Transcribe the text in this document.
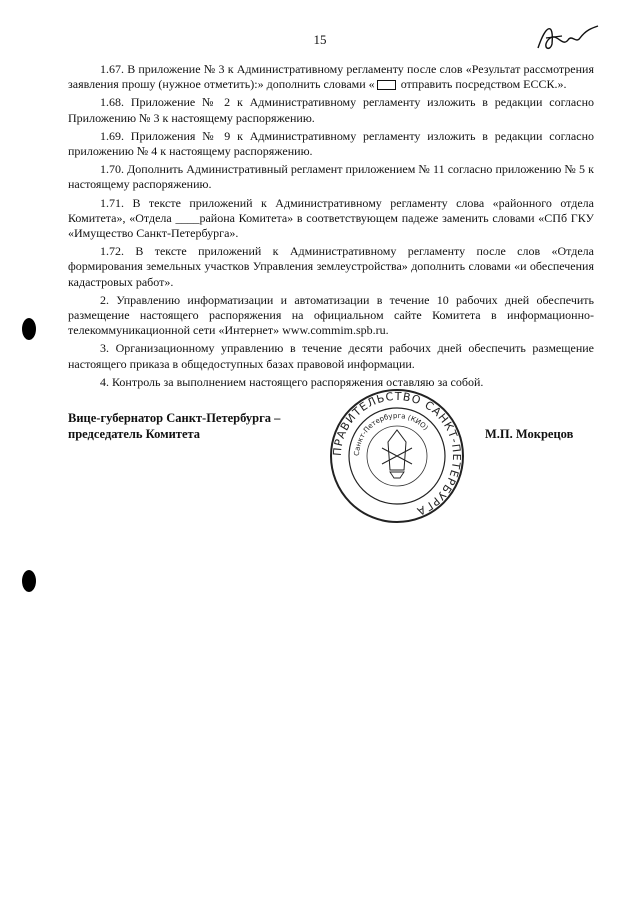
15

1.67. В приложение № 3 к Административному регламенту после слов «Результат рассмотрения заявления прошу (нужное отметить):» дополнить словами « отправить посредством ЕССК.».

1.68. Приложение № 2 к Административному регламенту изложить в редакции согласно Приложению № 3 к настоящему распоряжению.

1.69. Приложения № 9 к Административному регламенту изложить в редакции согласно приложению № 4 к настоящему распоряжению.

1.70. Дополнить Административный регламент приложением № 11 согласно приложению № 5 к настоящему распоряжению.

1.71. В тексте приложений к Административному регламенту слова «районного отдела Комитета», «Отдела ____района Комитета» в соответствующем падеже заменить словами «СПб ГКУ «Имущество Санкт-Петербурга».

1.72. В тексте приложений к Административному регламенту после слов «Отдела формирования земельных участков Управления землеустройства» дополнить словами «и обеспечения кадастровых работ».

2. Управлению информатизации и автоматизации в течение 10 рабочих дней обеспечить размещение настоящего распоряжения на официальном сайте Комитета в информационно-телекоммуникационной сети «Интернет» www.commim.spb.ru.

3. Организационному управлению в течение десяти рабочих дней обеспечить размещение настоящего приказа в общедоступных базах правовой информации.

4. Контроль за выполнением настоящего распоряжения оставляю за собой.

Вице-губернатор Санкт-Петербурга –
председатель Комитета	М.П. Мокрецов
ПРАВИТЕЛЬСТВО САНКТ-ПЕТЕРБУРГА
Санкт-Петербурга (КИО)
